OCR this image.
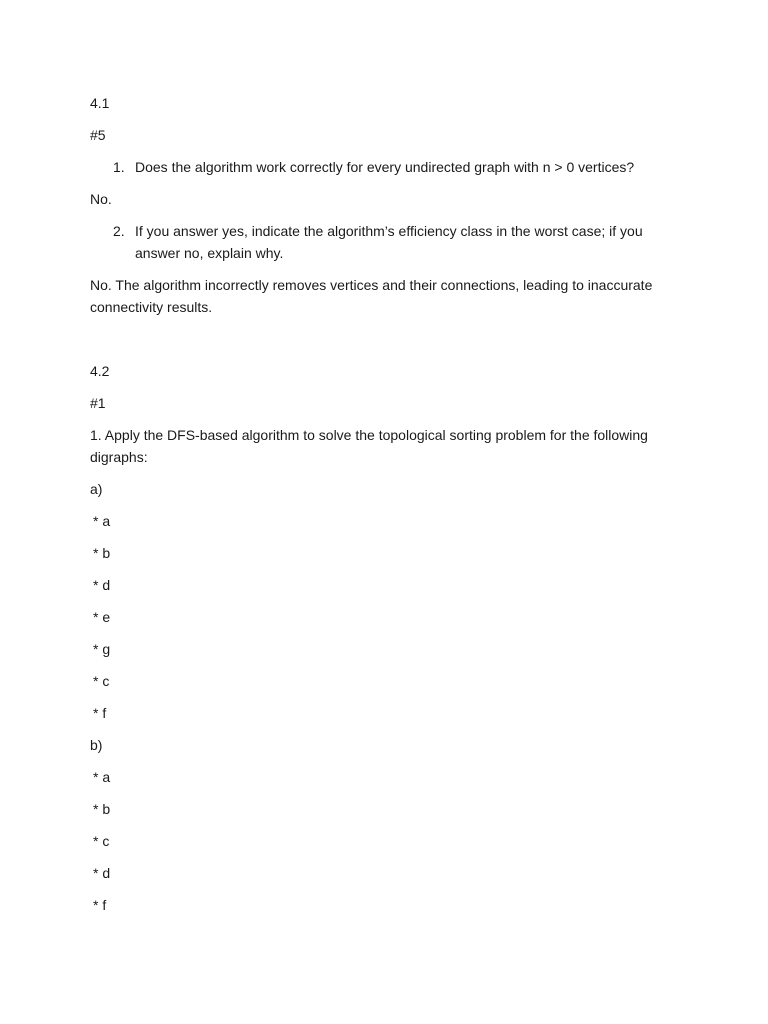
4.1

#5

1. Does the algorithm work correctly for every undirected graph with n > 0 vertices?

No.

2. If you answer yes, indicate the algorithm’s efficiency class in the worst case; if you answer no, explain why.

No. The algorithm incorrectly removes vertices and their connections, leading to inaccurate connectivity results.

4.2

#1

1. Apply the DFS-based algorithm to solve the topological sorting problem for the following digraphs:

a)

* a

* b

* d

* e

* g

* c

* f

b)

* a

* b

* c

* d

* f
